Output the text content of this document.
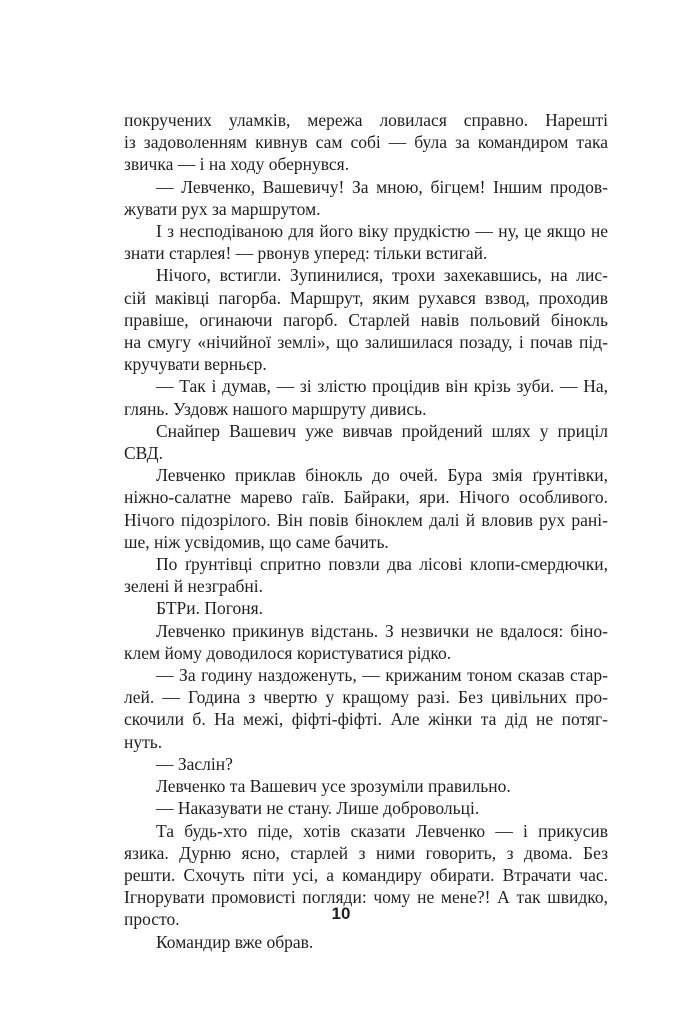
покручених уламків, мережа ловилася справно. Нарешті
із задоволенням кивнув сам собі — була за командиром така
звичка — і на ходу обернувся.
— Левченко, Вашевичу! За мною, бігцем! Іншим продов-
жувати рух за маршрутом.
І з несподіваною для його віку прудкістю — ну, це якщо не
знати старлея! — рвонув уперед: тільки встигай.
Нічого, встигли. Зупинилися, трохи захекавшись, на лис-
сій маківці пагорба. Маршрут, яким рухався взвод, проходив
правіше, огинаючи пагорб. Старлей навів польовий бінокль
на смугу «нічийної землі», що залишилася позаду, і почав під-
кручувати верньєр.
— Так і думав, — зі злістю процідив він крізь зуби. — На,
глянь. Уздовж нашого маршруту дивись.
Снайпер Вашевич уже вивчав пройдений шлях у приціл
СВД.
Левченко приклав бінокль до очей. Бура змія ґрунтівки,
ніжно-салатне марево гаїв. Байраки, яри. Нічого особливого.
Нічого підозрілого. Він повів біноклем далі й вловив рух рані-
ше, ніж усвідомив, що саме бачить.
По ґрунтівці спритно повзли два лісові клопи-смердючки,
зелені й незграбні.
БТРи. Погоня.
Левченко прикинув відстань. З незвички не вдалося: біно-
клем йому доводилося користуватися рідко.
— За годину наздоженуть, — крижаним тоном сказав стар-
лей. — Година з чвертю у кращому разі. Без цивільних про-
скочили б. На межі, фіфті-фіфті. Але жінки та дід не потяг-
нуть.
— Заслін?
Левченко та Вашевич усе зрозуміли правильно.
— Наказувати не стану. Лише добровольці.
Та будь-хто піде, хотів сказати Левченко — і прикусив
язика. Дурню ясно, старлей з ними говорить, з двома. Без
решти. Схочуть піти усі, а командиру обирати. Втрачати час.
Ігнорувати промовисті погляди: чому не мене?! А так швидко,
просто.
Командир вже обрав.

10
